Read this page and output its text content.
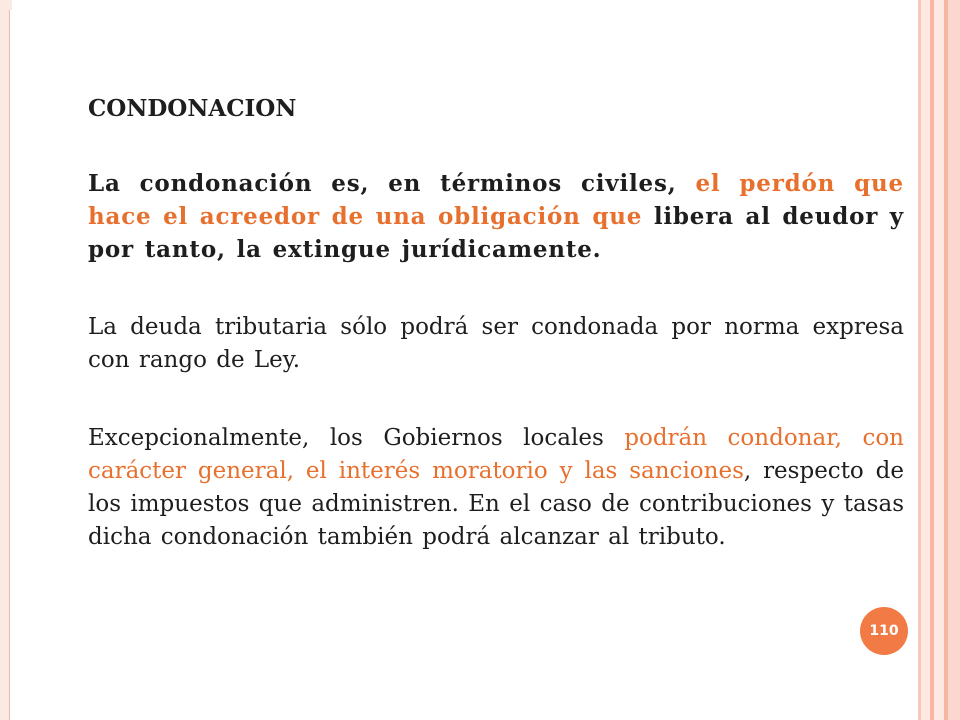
CONDONACION

La condonación es, en términos civiles, el perdón que hace el acreedor de una obligación que libera al deudor y por tanto, la extingue jurídicamente.

La deuda tributaria sólo podrá ser condonada por norma expresa con rango de Ley.

Excepcionalmente, los Gobiernos locales podrán condonar, con carácter general, el interés moratorio y las sanciones, respecto de los impuestos que administren. En el caso de contribuciones y tasas dicha condonación también podrá alcanzar al tributo.

110
